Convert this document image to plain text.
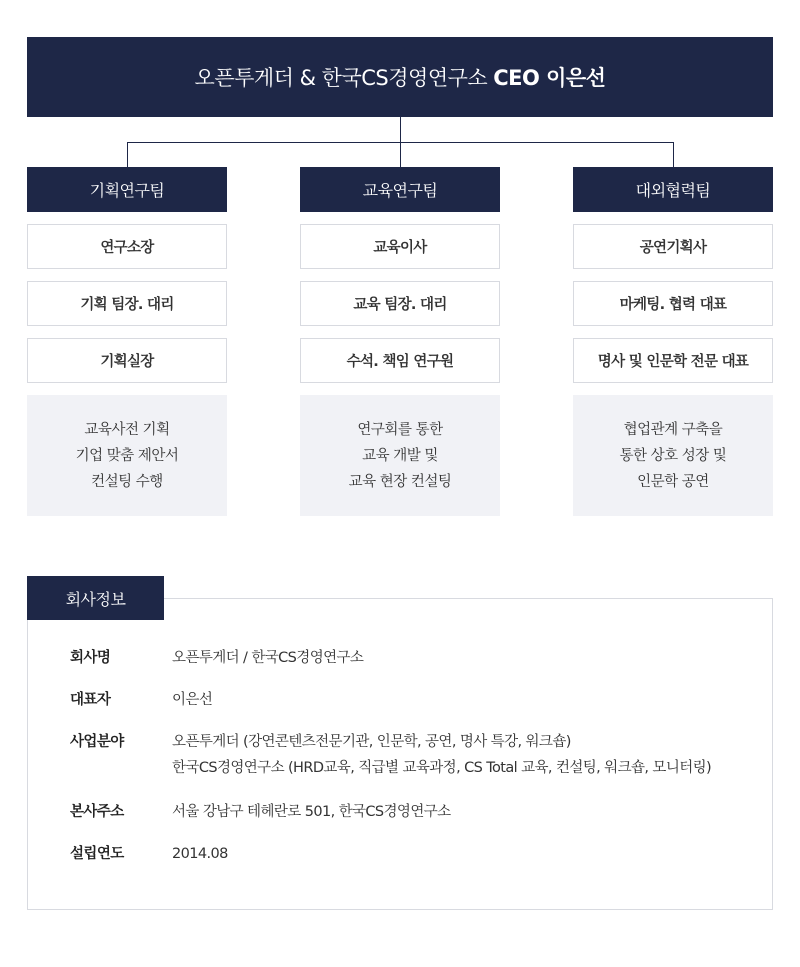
오픈투게더 & 한국CS경영연구소 CEO 이은선
기획연구팀
연구소장
기획 팀장. 대리
기획실장
교육사전 기획
기업 맞춤 제안서
컨설팅 수행
교육연구팀
교육이사
교육 팀장. 대리
수석. 책임 연구원
연구회를 통한
교육 개발 및
교육 현장 컨설팅
대외협력팀
공연기획사
마케팅. 협력 대표
명사 및 인문학 전문 대표
협업관계 구축을
통한 상호 성장 및
인문학 공연
회사명	오픈투게더 / 한국CS경영연구소
대표자	이은선
사업분야	오픈투게더 (강연콘텐츠전문기관, 인문학, 공연, 명사 특강, 워크숍)
한국CS경영연구소 (HRD교육, 직급별 교육과정, CS Total 교육, 컨설팅, 워크숍, 모니터링)
본사주소	서울 강남구 테헤란로 501, 한국CS경영연구소
설립연도	2014.08
회사정보
